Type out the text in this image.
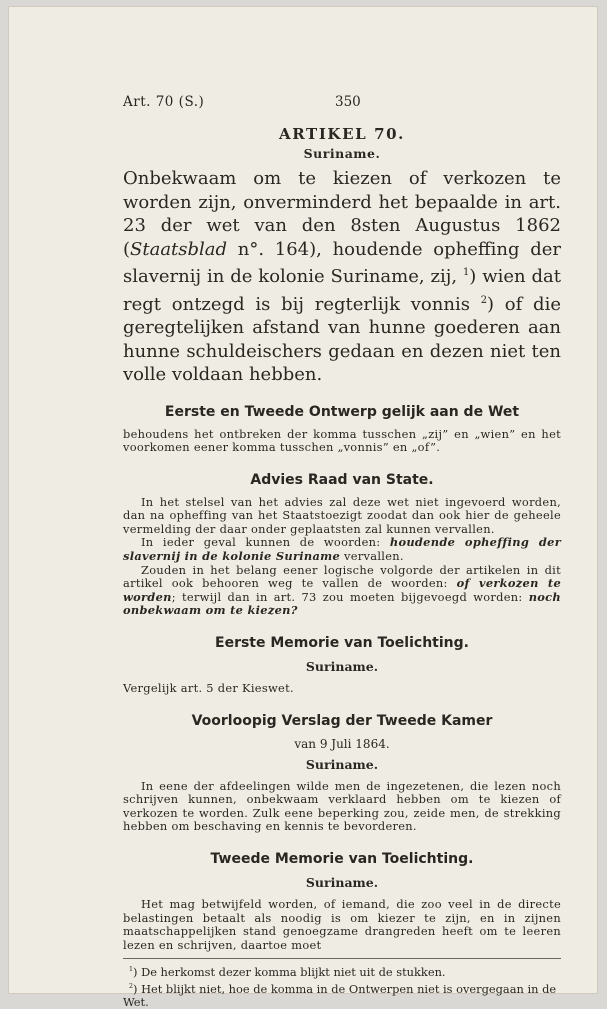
Art. 70 (S.)	350
ARTIKEL 70.
Suriname.
Onbekwaam om te kiezen of verkozen te worden zijn, onverminderd het bepaalde in art. 23 der wet van den 8sten Augustus 1862 (Staatsblad n°. 164), houdende opheffing der slavernij in de kolonie Suriname, zij, $^1$) wien dat regt ontzegd is bij regterlijk vonnis $^2$) of die geregtelijken afstand van hunne goederen aan hunne schuldeischers gedaan en dezen niet ten volle voldaan hebben.
Eerste en Tweede Ontwerp gelijk aan de Wet
behoudens het ontbreken der komma tusschen „zij” en „wien” en het voorkomen eener komma tusschen „vonnis” en „of”.
Advies Raad van State.
In het stelsel van het advies zal deze wet niet ingevoerd worden, dan na opheffing van het Staatstoezigt zoodat dan ook hier de geheele vermelding der daar onder geplaatsten zal kunnen vervallen.
In ieder geval kunnen de woorden: houdende opheffing der slavernij in de kolonie Suriname vervallen.
Zouden in het belang eener logische volgorde der artikelen in dit artikel ook behooren weg te vallen de woorden: of verkozen te worden; terwijl dan in art. 73 zou moeten bijgevoegd worden: noch onbekwaam om te kiezen?
Eerste Memorie van Toelichting.
Suriname.
Vergelijk art. 5 der Kieswet.
Voorloopig Verslag der Tweede Kamer
van 9 Juli 1864.
Suriname.
In eene der afdeelingen wilde men de ingezetenen, die lezen noch schrijven kunnen, onbekwaam verklaard hebben om te kiezen of verkozen te worden. Zulk eene beperking zou, zeide men, de strekking hebben om beschaving en kennis te bevorderen.
Tweede Memorie van Toelichting.
Suriname.
Het mag betwijfeld worden, of iemand, die zoo veel in de directe belastingen betaalt als noodig is om kiezer te zijn, en in zijnen maatschappelijken stand genoegzame drangreden heeft om te leeren lezen en schrijven, daartoe moet
$^1$) De herkomst dezer komma blijkt niet uit de stukken.
$^2$) Het blijkt niet, hoe de komma in de Ontwerpen niet is overgegaan in de Wet.
